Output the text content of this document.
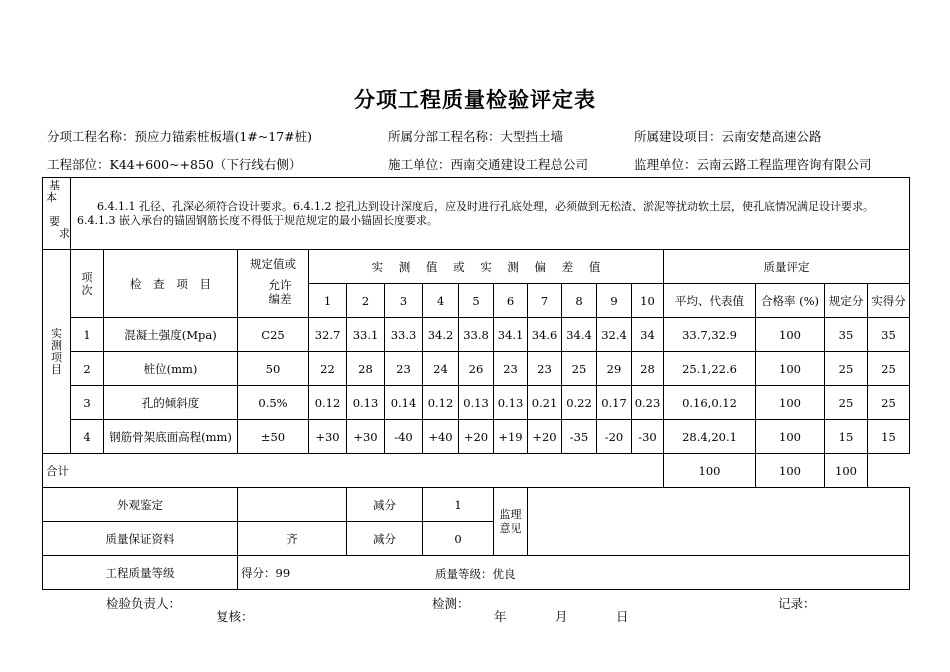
分项工程质量检验评定表
分项工程名称：预应力锚索桩板墙(1#~17#桩)	所属分部工程名称：大型挡土墙	所属建设项目：云南安楚高速公路
工程部位：K44+600~+850（下行线右侧）	施工单位：西南交通建设工程总公司	监理单位：云南云路工程监理咨询有限公司
基
本
要
求	6.4.1.1 孔径、孔深必须符合设计要求。6.4.1.2 挖孔达到设计深度后，应及时进行孔底处理，必须做到无松渣、淤泥等扰动软土层，使孔底情况满足设计要求。6.4.1.3 嵌入承台的锚固钢筋长度不得低于规范规定的最小锚固长度要求。																

实测项目	项次	检 查 项 目	规定值或
允许编差	实 测 值 或 实 测 偏 差 值										质量评定			
				1	2	3	4	5	6	7	8	9	10	平均、代表值	合格率 (%)	规定分	实得分
	1	混凝土强度(Mpa)	C25	32.7	33.1	33.3	34.2	33.8	34.1	34.6	34.4	32.4	34	33.7,32.9	100	35	35
	2	桩位(mm)	50	22	28	23	24	26	23	23	25	29	28	25.1,22.6	100	25	25
	3	孔的倾斜度	0.5%	0.12	0.13	0.14	0.12	0.13	0.13	0.21	0.22	0.17	0.23	0.16,0.12	100	25	25
	4	钢筋骨架底面高程(mm)	±50	+30	+30	-40	+40	+20	+19	+20	-35	-20	-30	28.4,20.1	100	15	15
合计														100	100	100	
外观鉴定					减分		1		监理意见								

质量保证资料			齐		减分		0										
工程质量等级			得分：99 质量等级：优良														
检验负责人：	检测：	记录：
复核：	年	月	日
